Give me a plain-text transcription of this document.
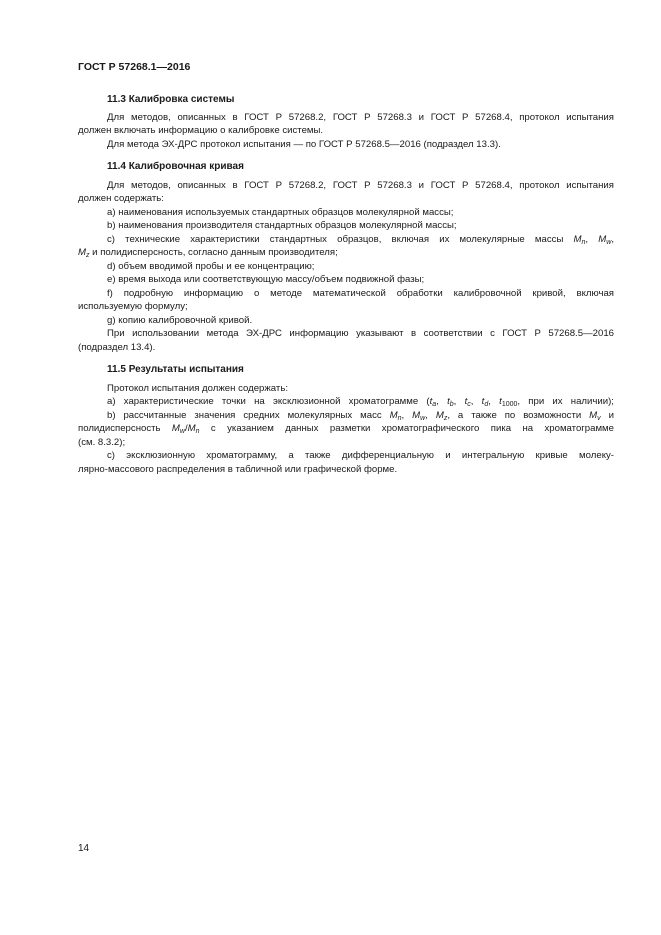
ГОСТ Р 57268.1—2016
11.3 Калибровка системы
Для методов, описанных в ГОСТ Р 57268.2, ГОСТ Р 57268.3 и ГОСТ Р 57268.4, протокол испытания
должен включать информацию о калибровке системы.
Для метода ЭХ-ДРС протокол испытания — по ГОСТ Р 57268.5—2016 (подраздел 13.3).
11.4 Калибровочная кривая
Для методов, описанных в ГОСТ Р 57268.2, ГОСТ Р 57268.3 и ГОСТ Р 57268.4, протокол испытания
должен содержать:
а) наименования используемых стандартных образцов молекулярной массы;
b) наименования производителя стандартных образцов молекулярной массы;
с) технические характеристики стандартных образцов, включая их молекулярные массы $M_n$, $M_w$,
$M_z$ и полидисперсность, согласно данным производителя;
d) объем вводимой пробы и ее концентрацию;
е) время выхода или соответствующую массу/объем подвижной фазы;
f) подробную информацию о методе математической обработки калибровочной кривой, включая
используемую формулу;
g) копию калибровочной кривой.
При использовании метода ЭХ-ДРС информацию указывают в соответствии с ГОСТ Р 57268.5—2016
(подраздел 13.4).
11.5 Результаты испытания
Протокол испытания должен содержать:
а) характеристические точки на эксклюзионной хроматограмме ($t_a$, $t_b$, $t_c$, $t_d$, $t_{1000}$, при их наличии);
b) рассчитанные значения средних молекулярных масс $M_n$, $M_w$, $M_z$, а также по возможности $M_v$ и
полидисперсность $M_w/M_n$ с указанием данных разметки хроматографического пика на хроматограмме
(см. 8.3.2);
с) эксклюзионную хроматограмму, а также дифференциальную и интегральную кривые молеку-
лярно-массового распределения в табличной или графической форме.
14
